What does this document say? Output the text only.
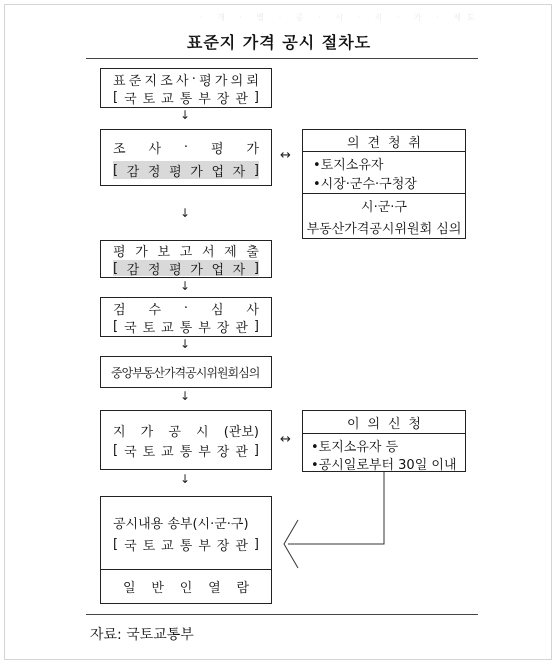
· 개 · 별 · 공 · 시 · 지 · 가 · 제도
표준지 가격 공시 절차도
표 준 지 조 사 · 평 가 의 뢰
[ 국 토 교 통 부 장 관 ]
↓
조 사 · 평 가
[ 감 정 평 가 업 자 ]
↔
의 견 청 취
•토지소유자
•시장·군수·구청장
시·군·구
부동산가격공시위원회 심의
↓
평 가 보 고 서 제 출
[ 감 정 평 가 업 자 ]
↓
검 수 · 심 사
[ 국 토 교 통 부 장 관 ]
↓
중앙부동산가격공시위원회심의
↓
지 가 공 시 (관보)
[ 국 토 교 통 부 장 관 ]
↔
이 의 신 청
•토지소유자 등
•공시일로부터 30일 이내
↓
공시내용 송부(시·군·구)
[ 국 토 교 통 부 장 관 ]
일 반 인 열 람
자료: 국토교통부
